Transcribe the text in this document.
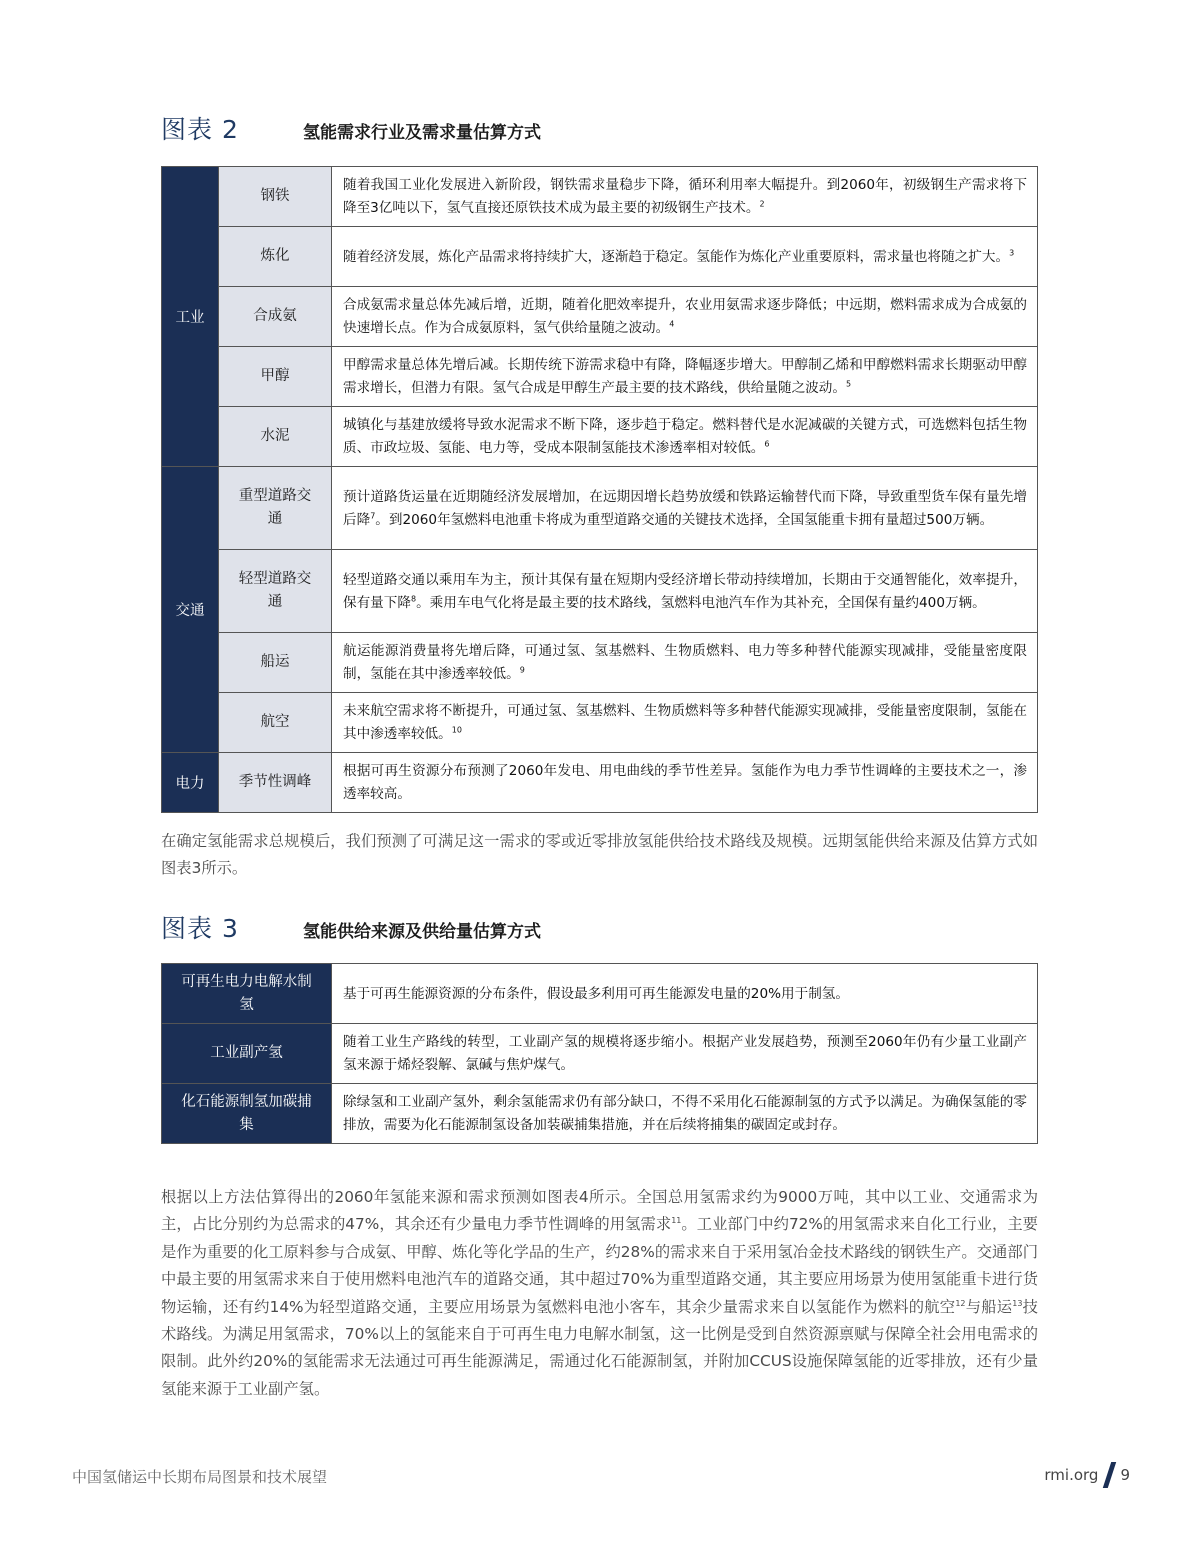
图表 2	氢能需求行业及需求量估算方式
工业	钢铁	随着我国工业化发展进入新阶段，钢铁需求量稳步下降，循环利用率大幅提升。到2060年，初级钢生产需求将下降至3亿吨以下，氢气直接还原铁技术成为最主要的初级钢生产技术。$^2$
	炼化	随着经济发展，炼化产品需求将持续扩大，逐渐趋于稳定。氢能作为炼化产业重要原料，需求量也将随之扩大。$^3$
	合成氨	合成氨需求量总体先减后增，近期，随着化肥效率提升，农业用氨需求逐步降低；中远期，燃料需求成为合成氨的快速增长点。作为合成氨原料，氢气供给量随之波动。$^4$
	甲醇	甲醇需求量总体先增后减。长期传统下游需求稳中有降，降幅逐步增大。甲醇制乙烯和甲醇燃料需求长期驱动甲醇需求增长，但潜力有限。氢气合成是甲醇生产最主要的技术路线，供给量随之波动。$^5$
	水泥	城镇化与基建放缓将导致水泥需求不断下降，逐步趋于稳定。燃料替代是水泥减碳的关键方式，可选燃料包括生物质、市政垃圾、氢能、电力等，受成本限制氢能技术渗透率相对较低。$^6$
交通	重型道路交通	预计道路货运量在近期随经济发展增加，在远期因增长趋势放缓和铁路运输替代而下降，导致重型货车保有量先增后降$^7$。到2060年氢燃料电池重卡将成为重型道路交通的关键技术选择，全国氢能重卡拥有量超过500万辆。
	轻型道路交通	轻型道路交通以乘用车为主，预计其保有量在短期内受经济增长带动持续增加，长期由于交通智能化，效率提升，保有量下降$^8$。乘用车电气化将是最主要的技术路线，氢燃料电池汽车作为其补充，全国保有量约400万辆。
	船运	航运能源消费量将先增后降，可通过氢、氢基燃料、生物质燃料、电力等多种替代能源实现减排，受能量密度限制，氢能在其中渗透率较低。$^9$
	航空	未来航空需求将不断提升，可通过氢、氢基燃料、生物质燃料等多种替代能源实现减排，受能量密度限制，氢能在其中渗透率较低。$^{10}$
电力	季节性调峰	根据可再生资源分布预测了2060年发电、用电曲线的季节性差异。氢能作为电力季节性调峰的主要技术之一，渗透率较高。

在确定氢能需求总规模后，我们预测了可满足这一需求的零或近零排放氢能供给技术路线及规模。远期氢能供给来源及估算方式如图表3所示。

图表 3	氢能供给来源及供给量估算方式
可再生电力电解水制氢	基于可再生能源资源的分布条件，假设最多利用可再生能源发电量的20%用于制氢。
工业副产氢	随着工业生产路线的转型，工业副产氢的规模将逐步缩小。根据产业发展趋势，预测至2060年仍有少量工业副产氢来源于烯烃裂解、氯碱与焦炉煤气。
化石能源制氢加碳捕集	除绿氢和工业副产氢外，剩余氢能需求仍有部分缺口，不得不采用化石能源制氢的方式予以满足。为确保氢能的零排放，需要为化石能源制氢设备加装碳捕集措施，并在后续将捕集的碳固定或封存。

根据以上方法估算得出的2060年氢能来源和需求预测如图表4所示。全国总用氢需求约为9000万吨，其中以工业、交通需求为主，占比分别约为总需求的47%，其余还有少量电力季节性调峰的用氢需求$^{11}$。工业部门中约72%的用氢需求来自化工行业，主要是作为重要的化工原料参与合成氨、甲醇、炼化等化学品的生产，约28%的需求来自于采用氢冶金技术路线的钢铁生产。交通部门中最主要的用氢需求来自于使用燃料电池汽车的道路交通，其中超过70%为重型道路交通，其主要应用场景为使用氢能重卡进行货物运输，还有约14%为轻型道路交通，主要应用场景为氢燃料电池小客车，其余少量需求来自以氢能作为燃料的航空$^{12}$与船运$^{13}$技术路线。为满足用氢需求，70%以上的氢能来自于可再生电力电解水制氢，这一比例是受到自然资源禀赋与保障全社会用电需求的限制。此外约20%的氢能需求无法通过可再生能源满足，需通过化石能源制氢，并附加CCUS设施保障氢能的近零排放，还有少量氢能来源于工业副产氢。

中国氢储运中长期布局图景和技术展望	rmi.org 9
